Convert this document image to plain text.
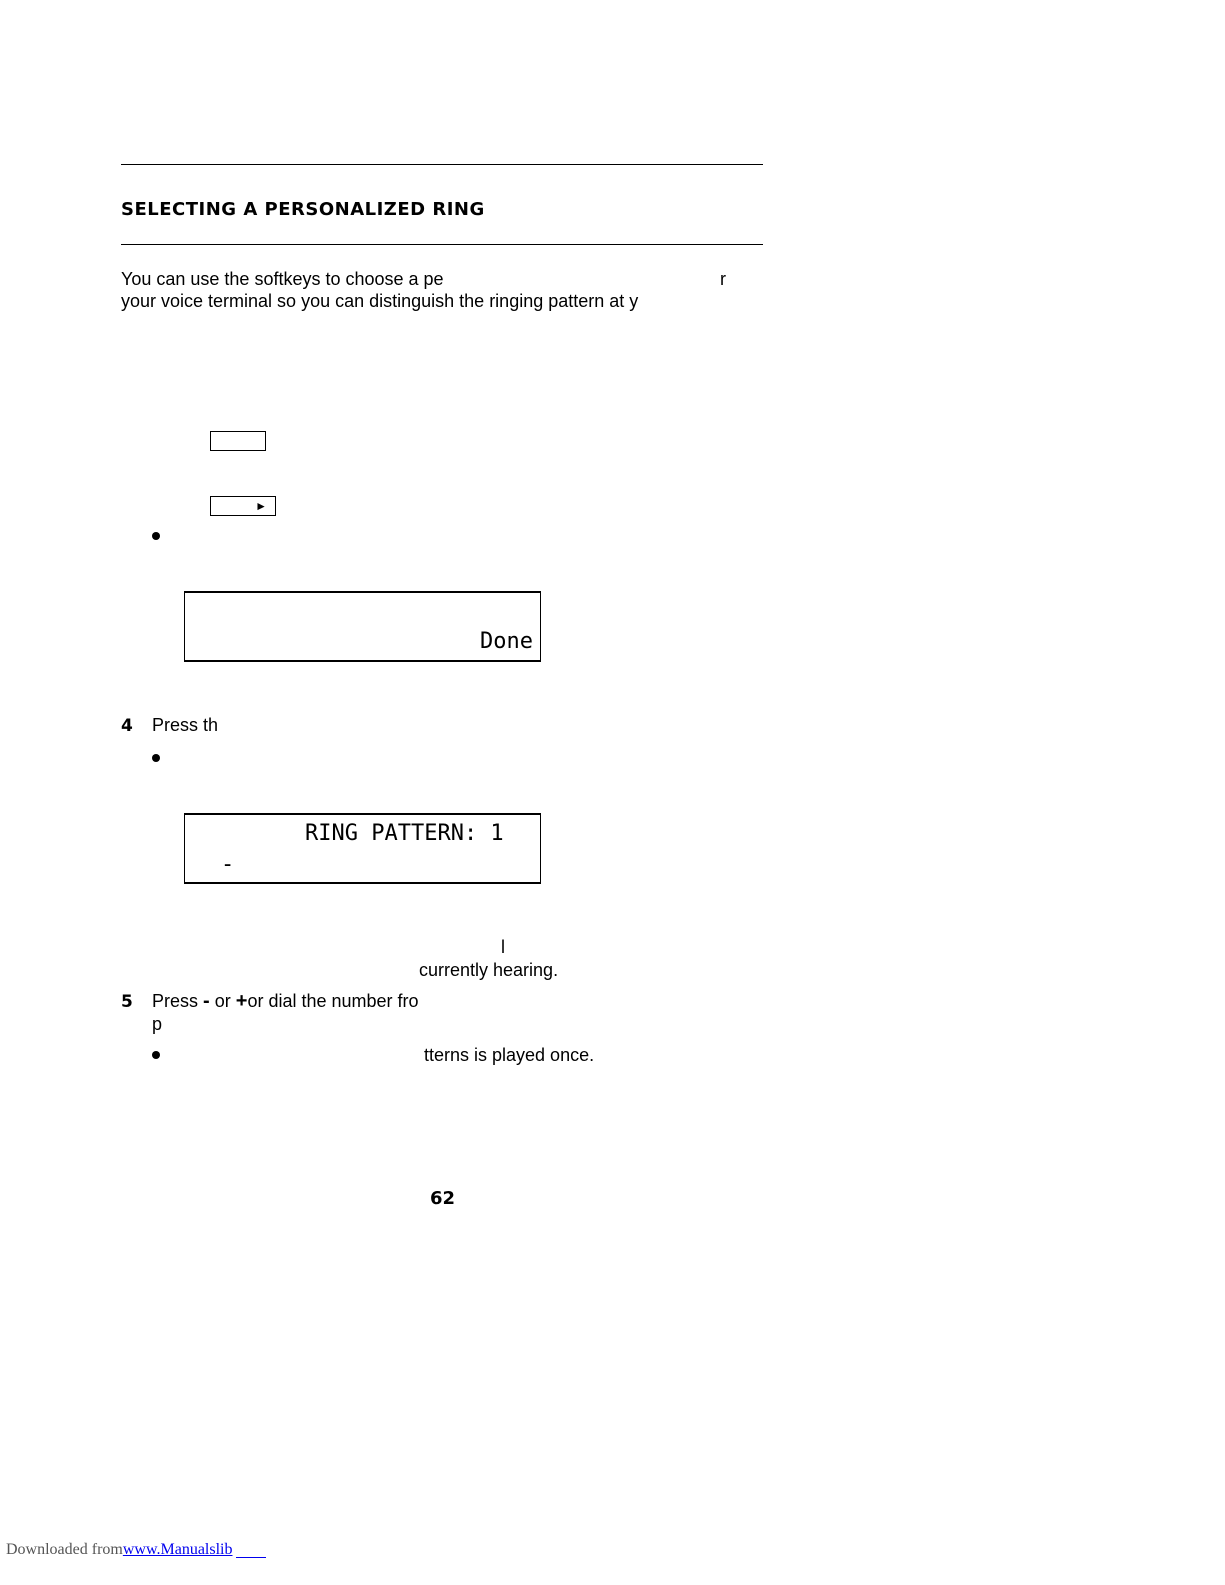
SELECTING A PERSONALIZED RING
You can use the softkeys to choose a pe	r
your voice terminal so you can distinguish the ringing pattern at y
►
Done
4 Press th
RING PATTERN: 1
-
l
currently hearing.
5 Press - or +or dial the number fro
p
tterns is played once.
62
Downloaded fromwww.Manualslib
